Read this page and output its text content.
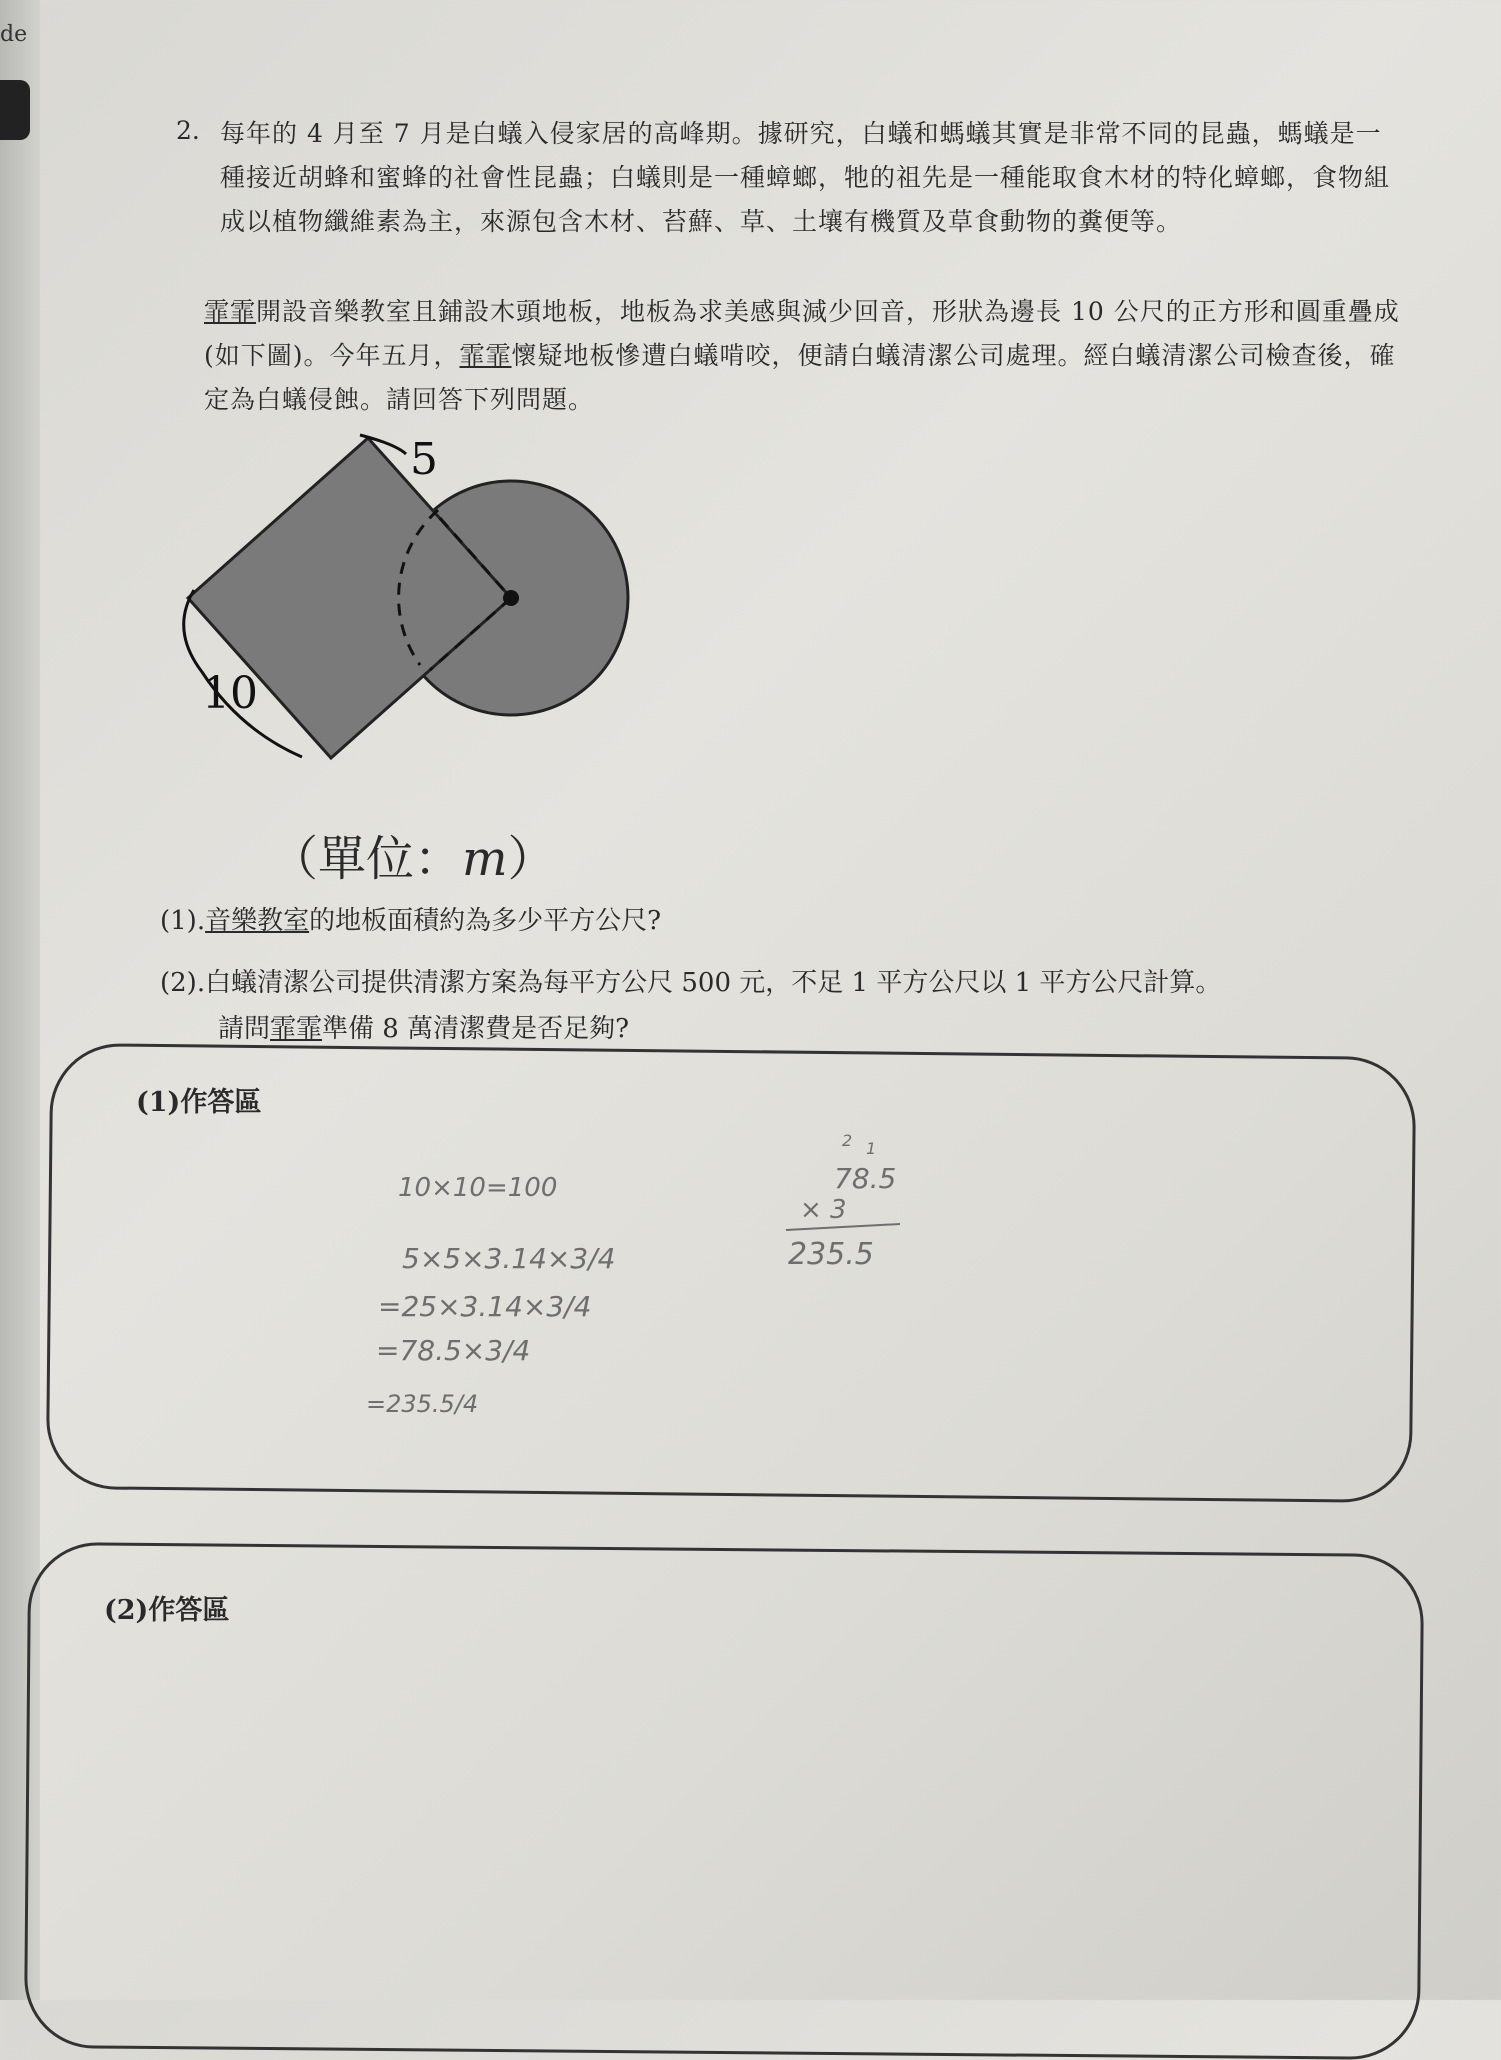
de
2. 每年的 4 月至 7 月是白蟻入侵家居的高峰期。據研究，白蟻和螞蟻其實是非常不同的昆蟲，螞蟻是一種接近胡蜂和蜜蜂的社會性昆蟲；白蟻則是一種蟑螂，牠的祖先是一種能取食木材的特化蟑螂，食物組成以植物纖維素為主，來源包含木材、苔蘚、草、土壤有機質及草食動物的糞便等。
霏霏開設音樂教室且鋪設木頭地板，地板為求美感與減少回音，形狀為邊長 10 公尺的正方形和圓重疊成(如下圖)。今年五月，霏霏懷疑地板慘遭白蟻啃咬，便請白蟻清潔公司處理。經白蟻清潔公司檢查後，確定為白蟻侵蝕。請回答下列問題。
5
10
（單位：m）
(1).音樂教室的地板面積約為多少平方公尺?
(2).白蟻清潔公司提供清潔方案為每平方公尺 500 元，不足 1 平方公尺以 1 平方公尺計算。
請問霏霏準備 8 萬清潔費是否足夠?
(1)作答區
(2)作答區
10×10=100
5×5×3.14×3/4
=25×3.14×3/4
=78.5×3/4
=235.5/4
2 1
78.5
× 3
235.5
